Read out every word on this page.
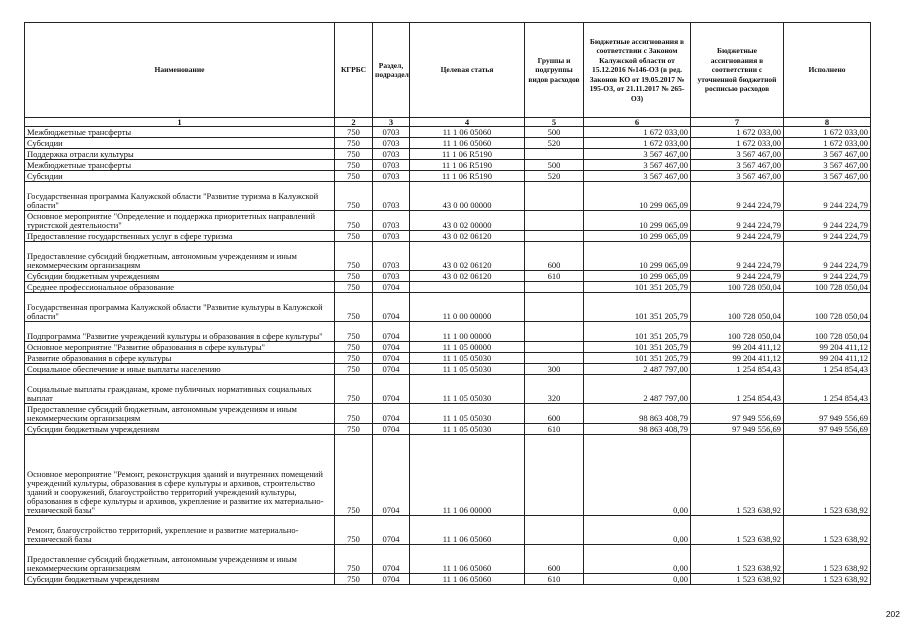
Наименование	КГРБС	Раздел, подраздел	Целевая статья	Группы и подгруппы видов расходов	Бюджетные ассигнования в соответствии с Законом Калужской области от 15.12.2016 №146-ОЗ (в ред. Законов КО от 19.05.2017 № 195-ОЗ, от 21.11.2017 № 265-ОЗ)	Бюджетные ассигнования в соответствии с уточненной бюджетной росписью расходов	Исполнено
1	2	3	4	5	6	7	8
Межбюджетные трансферты	750	0703	11 1 06 05060	500	1 672 033,00	1 672 033,00	1 672 033,00
Субсидии	750	0703	11 1 06 05060	520	1 672 033,00	1 672 033,00	1 672 033,00
Поддержка отрасли культуры	750	0703	11 1 06 R5190		3 567 467,00	3 567 467,00	3 567 467,00
Межбюджетные трансферты	750	0703	11 1 06 R5190	500	3 567 467,00	3 567 467,00	3 567 467,00
Субсидии	750	0703	11 1 06 R5190	520	3 567 467,00	3 567 467,00	3 567 467,00
Государственная программа Калужской области "Развитие туризма в Калужской области"	750	0703	43 0 00 00000		10 299 065,09	9 244 224,79	9 244 224,79
Основное мероприятие "Определение и поддержка приоритетных направлений туристской деятельности"	750	0703	43 0 02 00000		10 299 065,09	9 244 224,79	9 244 224,79
Предоставление государственных услуг в сфере туризма	750	0703	43 0 02 06120		10 299 065,09	9 244 224,79	9 244 224,79
Предоставление субсидий бюджетным, автономным учреждениям и иным некоммерческим организациям	750	0703	43 0 02 06120	600	10 299 065,09	9 244 224,79	9 244 224,79
Субсидии бюджетным учреждениям	750	0703	43 0 02 06120	610	10 299 065,09	9 244 224,79	9 244 224,79
Среднее профессиональное образование	750	0704			101 351 205,79	100 728 050,04	100 728 050,04
Государственная программа Калужской области "Развитие культуры в Калужской области"	750	0704	11 0 00 00000		101 351 205,79	100 728 050,04	100 728 050,04
Подпрограмма "Развитие учреждений культуры и образования в сфере культуры"	750	0704	11 1 00 00000		101 351 205,79	100 728 050,04	100 728 050,04
Основное мероприятие "Развитие образования в сфере культуры"	750	0704	11 1 05 00000		101 351 205,79	99 204 411,12	99 204 411,12
Развитие образования в сфере культуры	750	0704	11 1 05 05030		101 351 205,79	99 204 411,12	99 204 411,12
Социальное обеспечение и иные выплаты населению	750	0704	11 1 05 05030	300	2 487 797,00	1 254 854,43	1 254 854,43
Социальные выплаты гражданам, кроме публичных нормативных социальных выплат	750	0704	11 1 05 05030	320	2 487 797,00	1 254 854,43	1 254 854,43
Предоставление субсидий бюджетным, автономным учреждениям и иным некоммерческим организациям	750	0704	11 1 05 05030	600	98 863 408,79	97 949 556,69	97 949 556,69
Субсидии бюджетным учреждениям	750	0704	11 1 05 05030	610	98 863 408,79	97 949 556,69	97 949 556,69
Основное мероприятие "Ремонт, реконструкция зданий и внутренних помещений учреждений культуры, образования в сфере культуры и архивов, строительство зданий и сооружений, благоустройство территорий учреждений культуры, образования в сфере культуры и архивов, укрепление и развитие их материально-технической базы"	750	0704	11 1 06 00000		0,00	1 523 638,92	1 523 638,92
Ремонт, благоустройство территорий, укрепление и развитие материально-технической базы	750	0704	11 1 06 05060		0,00	1 523 638,92	1 523 638,92
Предоставление субсидий бюджетным, автономным учреждениям и иным некоммерческим организациям	750	0704	11 1 06 05060	600	0,00	1 523 638,92	1 523 638,92
Субсидии бюджетным учреждениям	750	0704	11 1 06 05060	610	0,00	1 523 638,92	1 523 638,92
202
